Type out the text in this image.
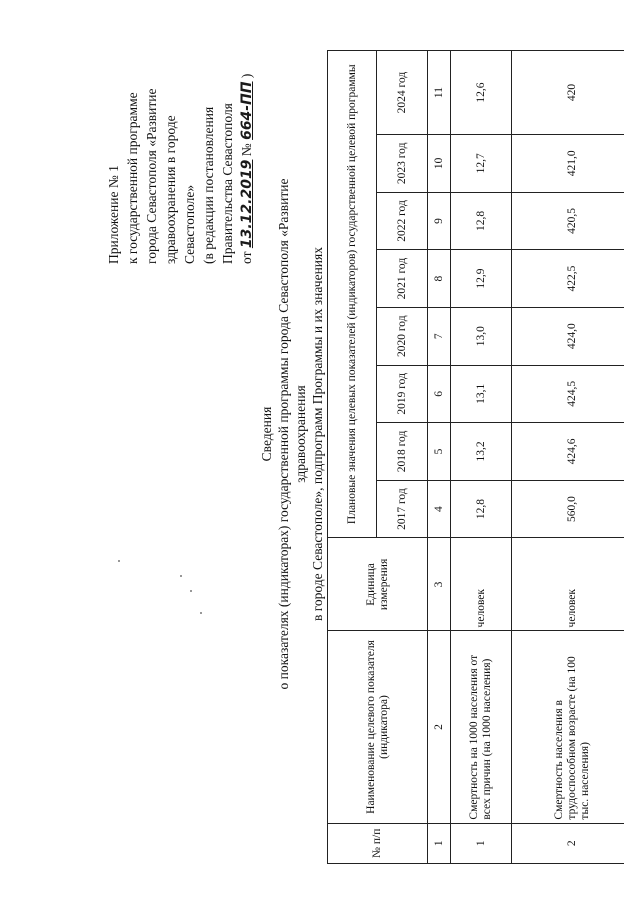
Приложение № 1 к государственной программе города Севастополя «Развитие здравоохранения в городе Севастополе» (в редакции постановления Правительства Севастополя от 13.12.2019 № 664-ПП )
Сведения о показателях (индикаторах) государственной программы города Севастополя «Развитие здравоохранения в городе Севастополе», подпрограмм Программы и их значениях
№ п/п	Наименование целевого показателя (индикатора)	Единица измерения	Плановые значения целевых показателей (индикаторов) государственной целевой программы							
			2017 год	2018 год	2019 год	2020 год	2021 год	2022 год	2023 год	2024 год
1	2	3	4	5	6	7	8	9	10	11
1	Смертность на 1000 населения от всех причин (на 1000 населения)	человек	12,8	13,2	13,1	13,0	12,9	12,8	12,7	12,6
2	Смертность населения в трудоспособном возрасте (на 100 тыс. населения)	человек	560,0	424,6	424,5	424,0	422,5	420,5	421,0	420
